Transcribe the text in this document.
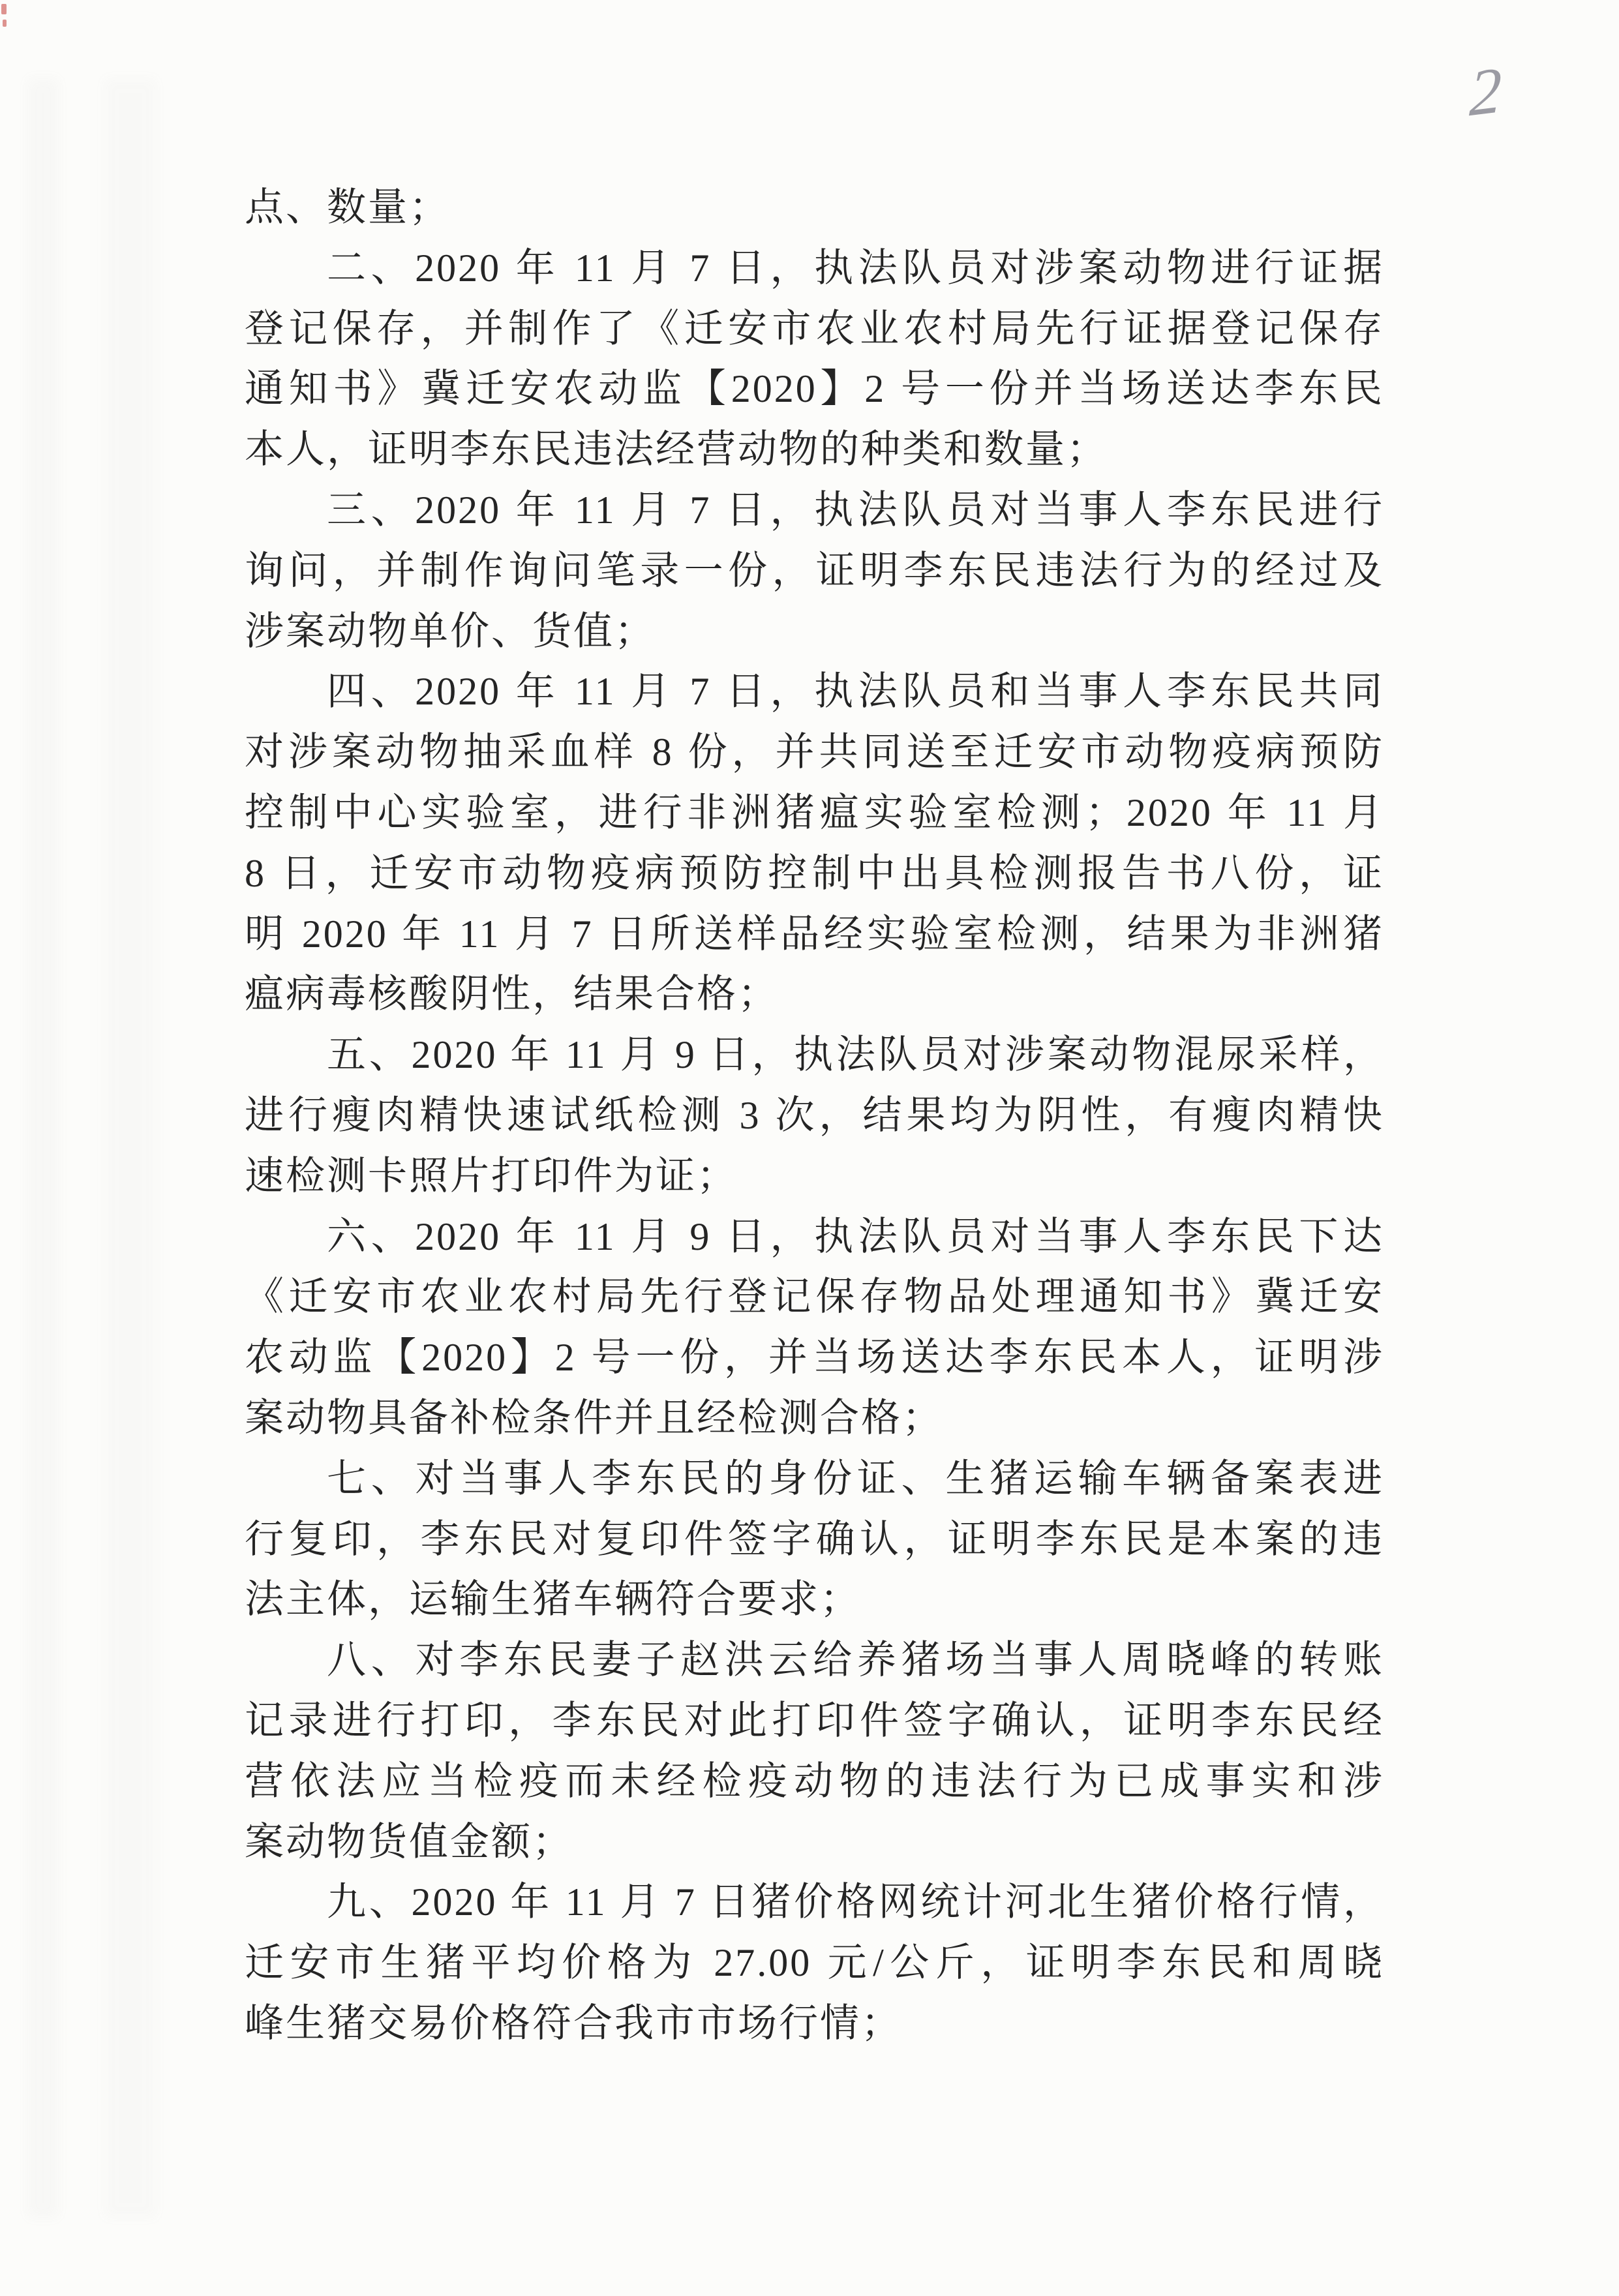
2
点、数量；
二、2020 年 11 月 7 日，执法队员对涉案动物进行证据
登记保存，并制作了《迁安市农业农村局先行证据登记保存
通知书》冀迁安农动监【2020】2 号一份并当场送达李东民
本人，证明李东民违法经营动物的种类和数量；
三、2020 年 11 月 7 日，执法队员对当事人李东民进行
询问，并制作询问笔录一份，证明李东民违法行为的经过及
涉案动物单价、货值；
四、2020 年 11 月 7 日，执法队员和当事人李东民共同
对涉案动物抽采血样 8 份，并共同送至迁安市动物疫病预防
控制中心实验室，进行非洲猪瘟实验室检测；2020 年 11 月
8 日，迁安市动物疫病预防控制中出具检测报告书八份，证
明 2020 年 11 月 7 日所送样品经实验室检测，结果为非洲猪
瘟病毒核酸阴性，结果合格；
五、2020 年 11 月 9 日，执法队员对涉案动物混尿采样，
进行瘦肉精快速试纸检测 3 次，结果均为阴性，有瘦肉精快
速检测卡照片打印件为证；
六、2020 年 11 月 9 日，执法队员对当事人李东民下达
《迁安市农业农村局先行登记保存物品处理通知书》冀迁安
农动监【2020】2 号一份，并当场送达李东民本人，证明涉
案动物具备补检条件并且经检测合格；
七、对当事人李东民的身份证、生猪运输车辆备案表进
行复印，李东民对复印件签字确认，证明李东民是本案的违
法主体，运输生猪车辆符合要求；
八、对李东民妻子赵洪云给养猪场当事人周晓峰的转账
记录进行打印，李东民对此打印件签字确认，证明李东民经
营依法应当检疫而未经检疫动物的违法行为已成事实和涉
案动物货值金额；
九、2020 年 11 月 7 日猪价格网统计河北生猪价格行情，
迁安市生猪平均价格为 27.00 元/公斤，证明李东民和周晓
峰生猪交易价格符合我市市场行情；
